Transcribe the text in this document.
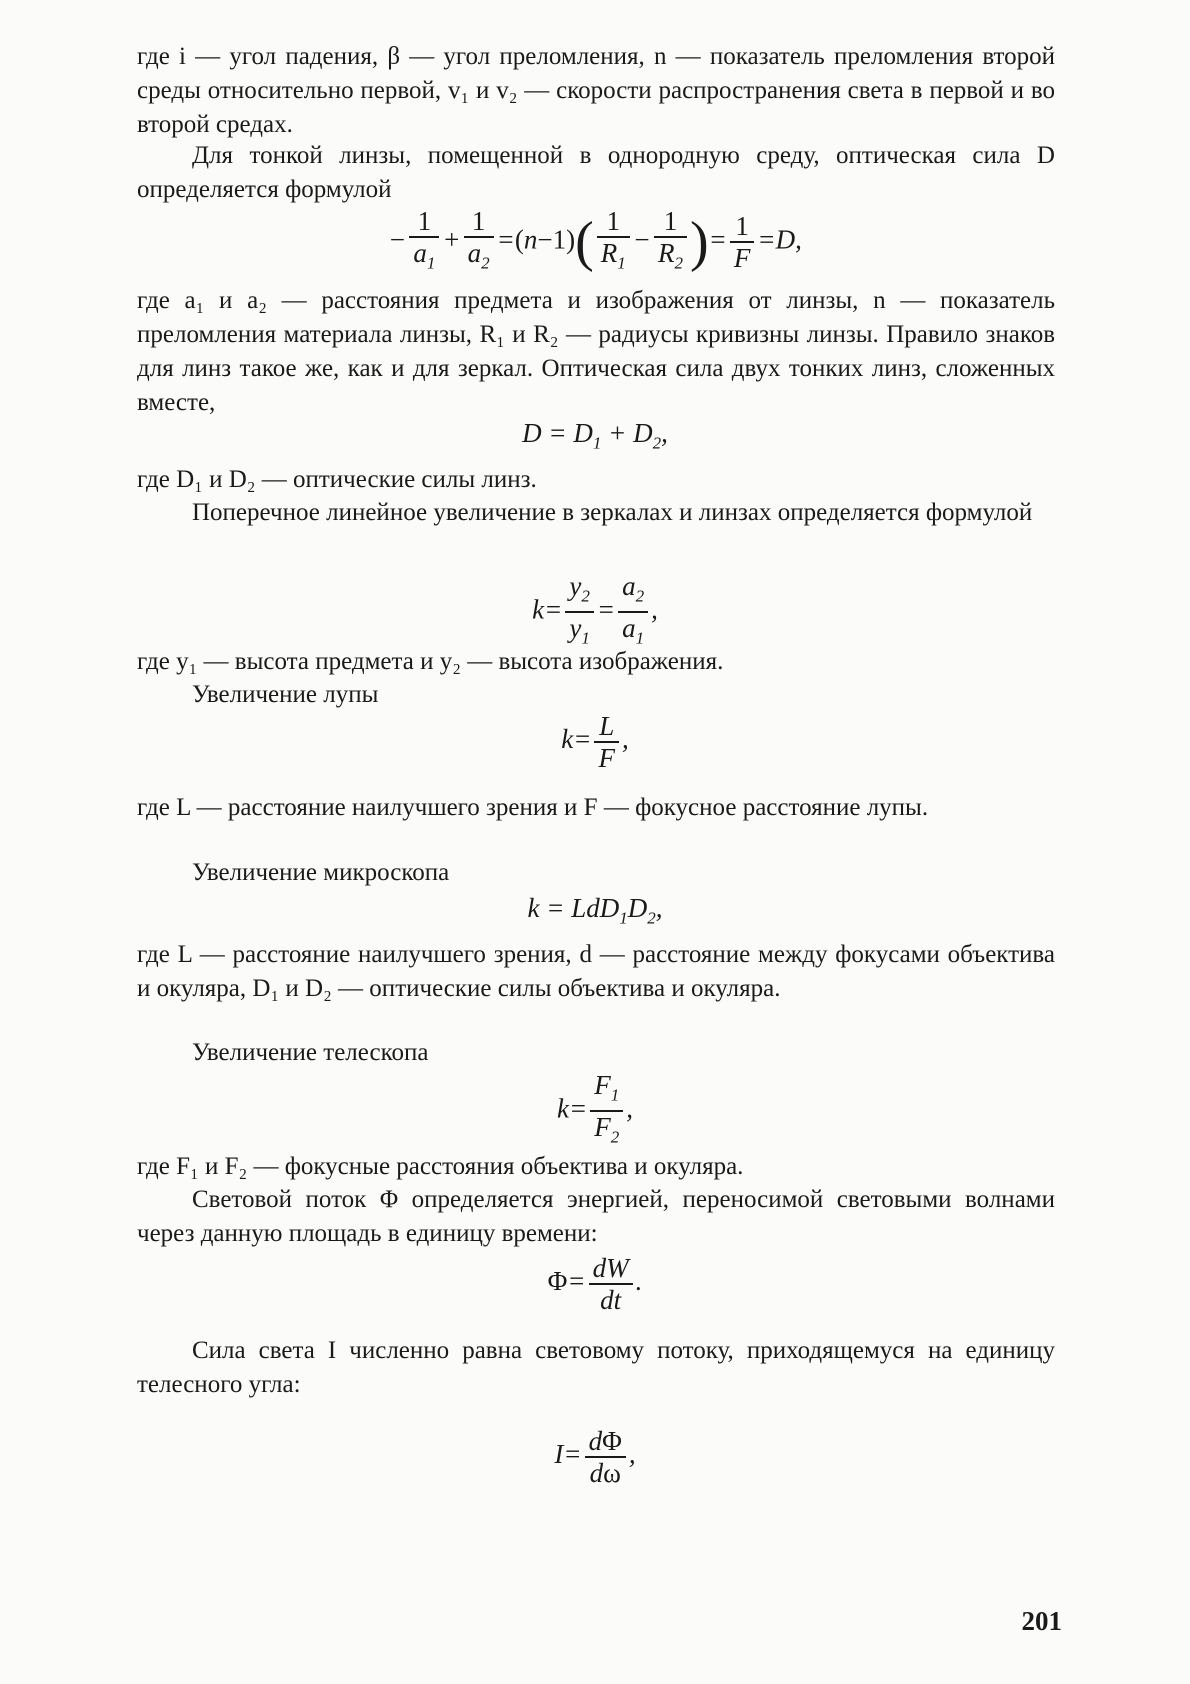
где i — угол падения, β — угол преломления, n — показатель преломления второй среды относительно первой, v₁ и v₂ — скорости распространения света в первой и во второй средах.

Для тонкой линзы, помещенной в однородную среду, оптическая сила D определяется формулой

− $\frac{1}{a_1} + \frac{1}{a_2} =(n-1)( \frac{1}{R_1} - \frac{1}{R_2}$ )= $\frac{1}{F} =D$,

где a₁ и a₂ — расстояния предмета и изображения от линзы, n — показатель преломления материала линзы, R₁ и R₂ — радиусы кривизны линзы. Правило знаков для линз такое же, как и для зеркал. Оптическая сила двух тонких линз, сложенных вместе,

$D = D_1 + D_2$,

где D₁ и D₂ — оптические силы линз.

Поперечное линейное увеличение в зеркалах и линзах определяется формулой

$k= \frac{y_2}{y_1} = \frac{a_2}{a_1}$ ,

где y₁ — высота предмета и y₂ — высота изображения.

Увеличение лупы

$k= \frac{L}{F}$ ,

где L — расстояние наилучшего зрения и F — фокусное расстояние лупы.

Увеличение микроскопа

$k = LdD_1D_2$,

где L — расстояние наилучшего зрения, d — расстояние между фокусами объектива и окуляра, D₁ и D₂ — оптические силы объектива и окуляра.

Увеличение телескопа

$k= \frac{F_1}{F_2}$ ,

где F₁ и F₂ — фокусные расстояния объектива и окуляра.

Световой поток Φ определяется энергией, переносимой световыми волнами через данную площадь в единицу времени:

$\Phi= \frac{dW}{dt}$ .

Сила света I численно равна световому потоку, приходящемуся на единицу телесного угла:

$I= \frac{d\Phi}{d\omega}$ ,
201
